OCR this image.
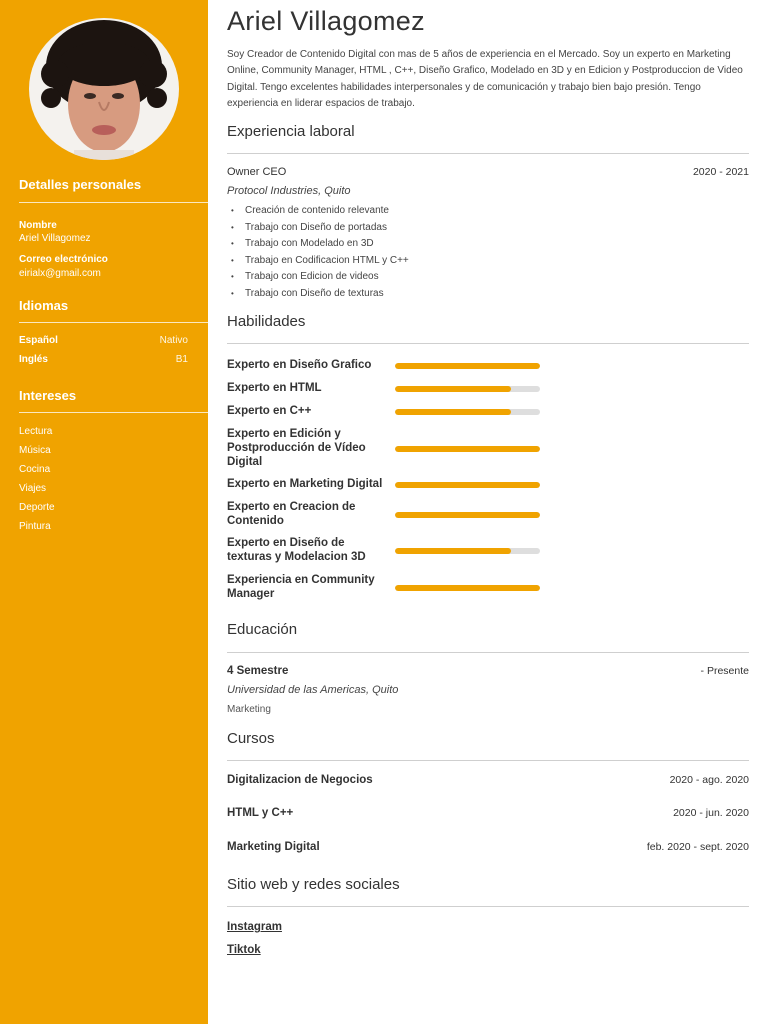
Detalles personales
Nombre
Ariel Villagomez
Correo electrónico
eirialx@gmail.com
Idiomas
Español	Nativo
Inglés	B1
Intereses
Lectura
Música
Cocina
Viajes
Deporte
Pintura
Ariel Villagomez
Soy Creador de Contenido Digital con mas de 5 años de experiencia en el Mercado. Soy un experto en Marketing Online, Community Manager, HTML , C++, Diseño Grafico, Modelado en 3D y en Edicion y Postproduccion de Video Digital. Tengo excelentes habilidades interpersonales y de comunicación y trabajo bien bajo presión. Tengo experiencia en liderar espacios de trabajo.
Experiencia laboral
Owner CEO	2020 - 2021
Protocol Industries, Quito
• Creación de contenido relevante
• Trabajo con Diseño de portadas
• Trabajo con Modelado en 3D
• Trabajo en Codificacion HTML y C++
• Trabajo con Edicion de videos
• Trabajo con Diseño de texturas
Habilidades
Experto en Diseño Grafico
Experto en HTML
Experto en C++
Experto en Edición y Postproducción de Vídeo Digital
Experto en Marketing Digital
Experto en Creacion de Contenido
Experto en Diseño de texturas y Modelacion 3D
Experiencia en Community Manager
Educación
4 Semestre	- Presente
Universidad de las Americas, Quito
Marketing
Cursos
Digitalizacion de Negocios	2020 - ago. 2020
HTML y C++	2020 - jun. 2020
Marketing Digital	feb. 2020 - sept. 2020
Sitio web y redes sociales
Instagram
Tiktok
